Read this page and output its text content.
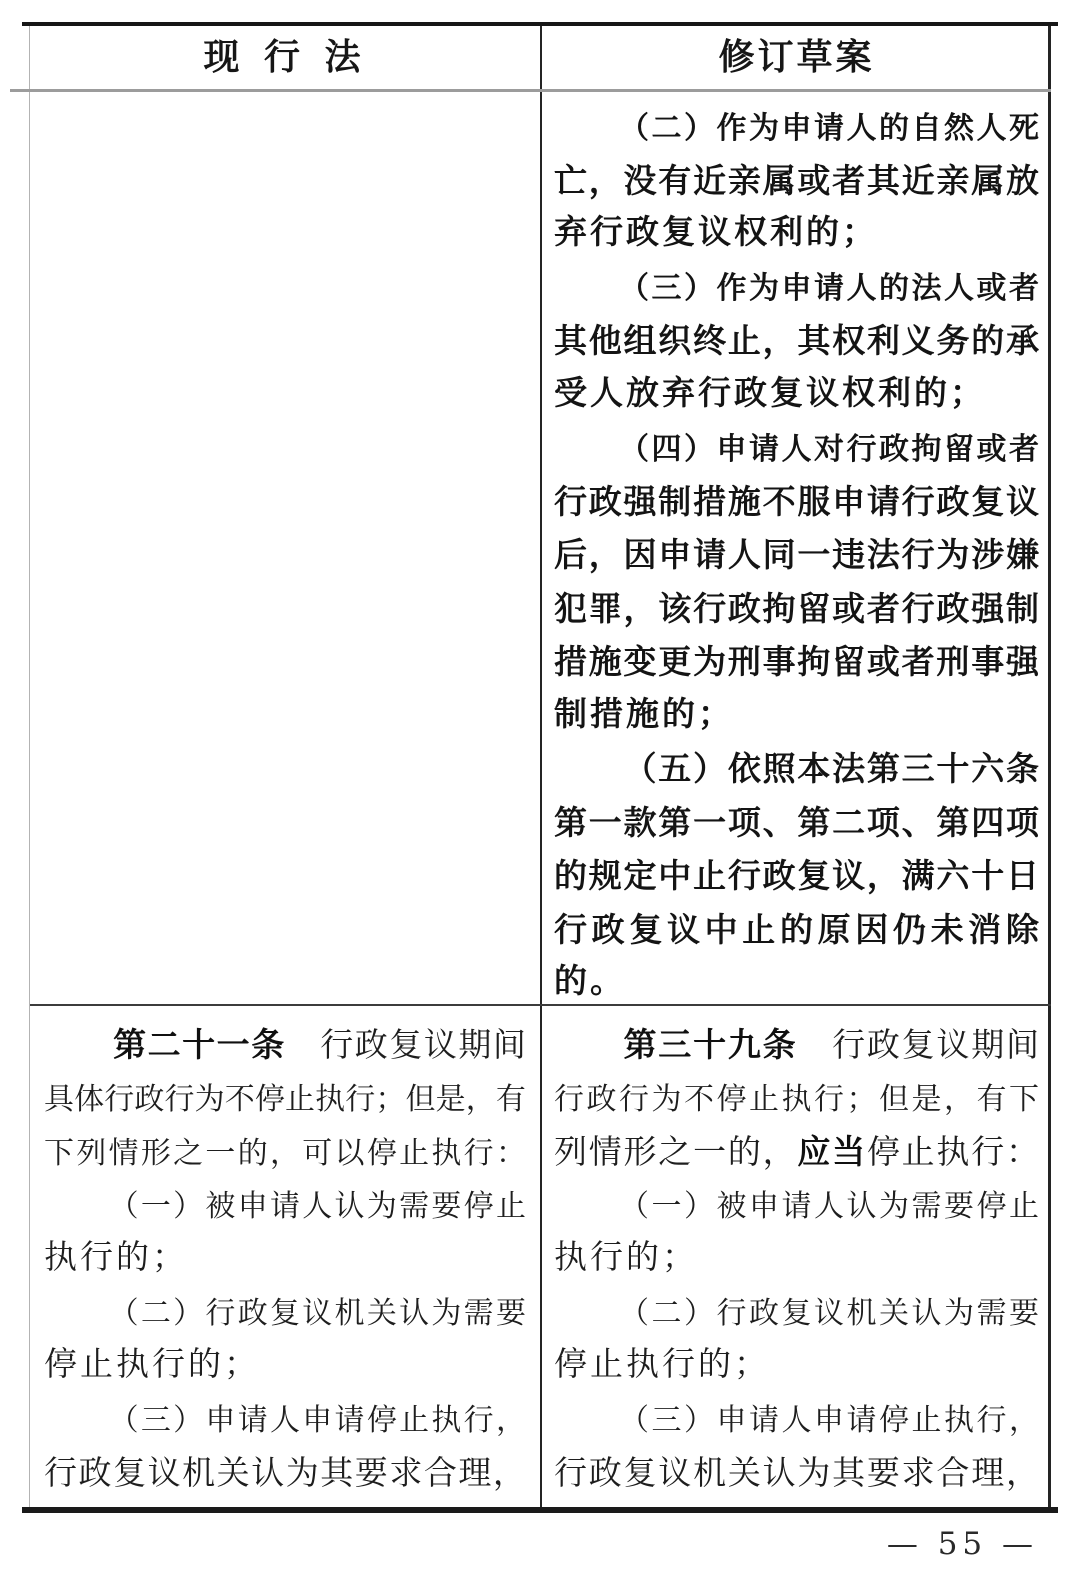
现 行 法	修订草案
（ 二 ） 作 为 申 请 人 的 自 然 人 死
亡 ， 没 有 近 亲 属 或 者 其 近 亲 属 放
弃行政复议权利的；
（ 三 ） 作 为 申 请 人 的 法 人 或 者
其 他 组 织 终 止 ， 其 权 利 义 务 的 承
受人放弃行政复议权利的；
（ 四 ） 申 请 人 对 行 政 拘 留 或 者
行 政 强 制 措 施 不 服 申 请 行 政 复 议
后 ， 因 申 请 人 同 一 违 法 行 为 涉 嫌
犯 罪 ， 该 行 政 拘 留 或 者 行 政 强 制
措 施 变 更 为 刑 事 拘 留 或 者 刑 事 强
制措施的；
（ 五 ） 依 照 本 法 第 三 十 六 条
第 一 款 第 一 项 、 第 二 项 、 第 四 项
的 规 定 中 止 行 政 复 议 ， 满 六 十 日
行 政 复 议 中 止 的 原 因 仍 未 消 除
的。
第 二 十 一 条 行 政 复 议 期 间
具 体 行 政 行 为 不 停 止 执 行 ； 但 是 ， 有
下 列 情 形 之 一 的 ， 可 以 停 止 执 行 ：
（ 一 ） 被 申 请 人 认 为 需 要 停 止
执行的；
（ 二 ） 行 政 复 议 机 关 认 为 需 要
停止执行的；
（ 三 ） 申 请 人 申 请 停 止 执 行 ，
行 政 复 议 机 关 认 为 其 要 求 合 理 ，
第 三 十 九 条 行 政 复 议 期 间
行 政 行 为 不 停 止 执 行 ； 但 是 ， 有 下
列 情 形 之 一 的 ， 应 当 停 止 执 行 ：
（ 一 ） 被 申 请 人 认 为 需 要 停 止
执行的；
（ 二 ） 行 政 复 议 机 关 认 为 需 要
停止执行的；
（ 三 ） 申 请 人 申 请 停 止 执 行 ，
行 政 复 议 机 关 认 为 其 要 求 合 理 ，
— 55 —
